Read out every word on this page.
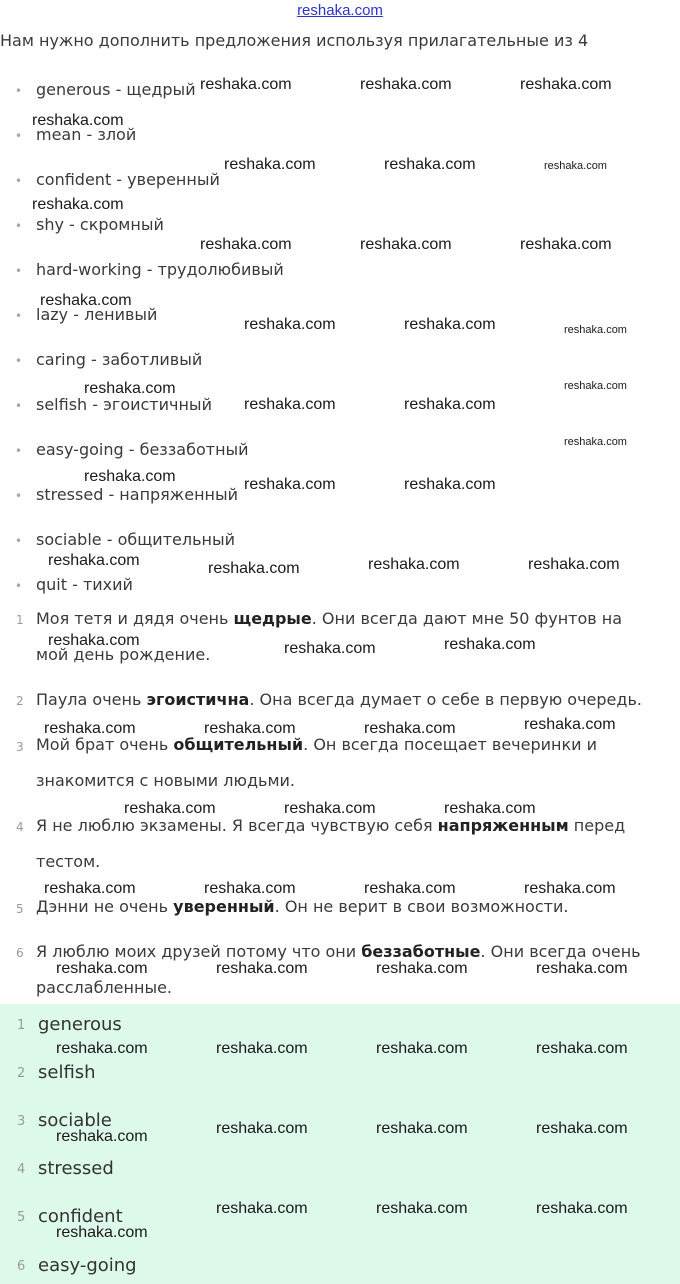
reshaka.com
Нам нужно дополнить предложения используя прилагательные из 4
• generous - щедрый
• mean - злой
• confident - уверенный
• shy - скромный
• hard-working - трудолюбивый
• lazy - ленивый
• caring - заботливый
• selfish - эгоистичный
• easy-going - беззаботный
• stressed - напряженный
• sociable - общительный
• quit - тихий
1 Моя тетя и дядя очень щедрые. Они всегда дают мне 50 фунтов на мой день рождение.
2 Паула очень эгоистична. Она всегда думает о себе в первую очередь.
3 Мой брат очень общительный. Он всегда посещает вечеринки и знакомится с новыми людьми.
4 Я не люблю экзамены. Я всегда чувствую себя напряженным перед тестом.
5 Дэнни не очень уверенный. Он не верит в свои возможности.
6 Я люблю моих друзей потому что они беззаботные. Они всегда очень расслабленные.
1 generous
2 selfish
3 sociable
4 stressed
5 confident
6 easy-going
reshaka.com	reshaka.com	reshaka.com
reshaka.com
reshaka.com	reshaka.com	reshaka.com
reshaka.com
reshaka.com	reshaka.com	reshaka.com
reshaka.com
reshaka.com	reshaka.com	reshaka.com
reshaka.com	reshaka.com
reshaka.com	reshaka.com
reshaka.com
reshaka.com	reshaka.com	reshaka.com
reshaka.com	reshaka.com	reshaka.com
reshaka.com
reshaka.com	reshaka.com
reshaka.com
reshaka.com
reshaka.com	reshaka.com	reshaka.com
reshaka.com	reshaka.com	reshaka.com
reshaka.com	reshaka.com	reshaka.com	reshaka.com
reshaka.com	reshaka.com	reshaka.com	reshaka.com
reshaka.com	reshaka.com	reshaka.com	reshaka.com
reshaka.com	reshaka.com	reshaka.com
reshaka.com
reshaka.com	reshaka.com	reshaka.com
reshaka.com
